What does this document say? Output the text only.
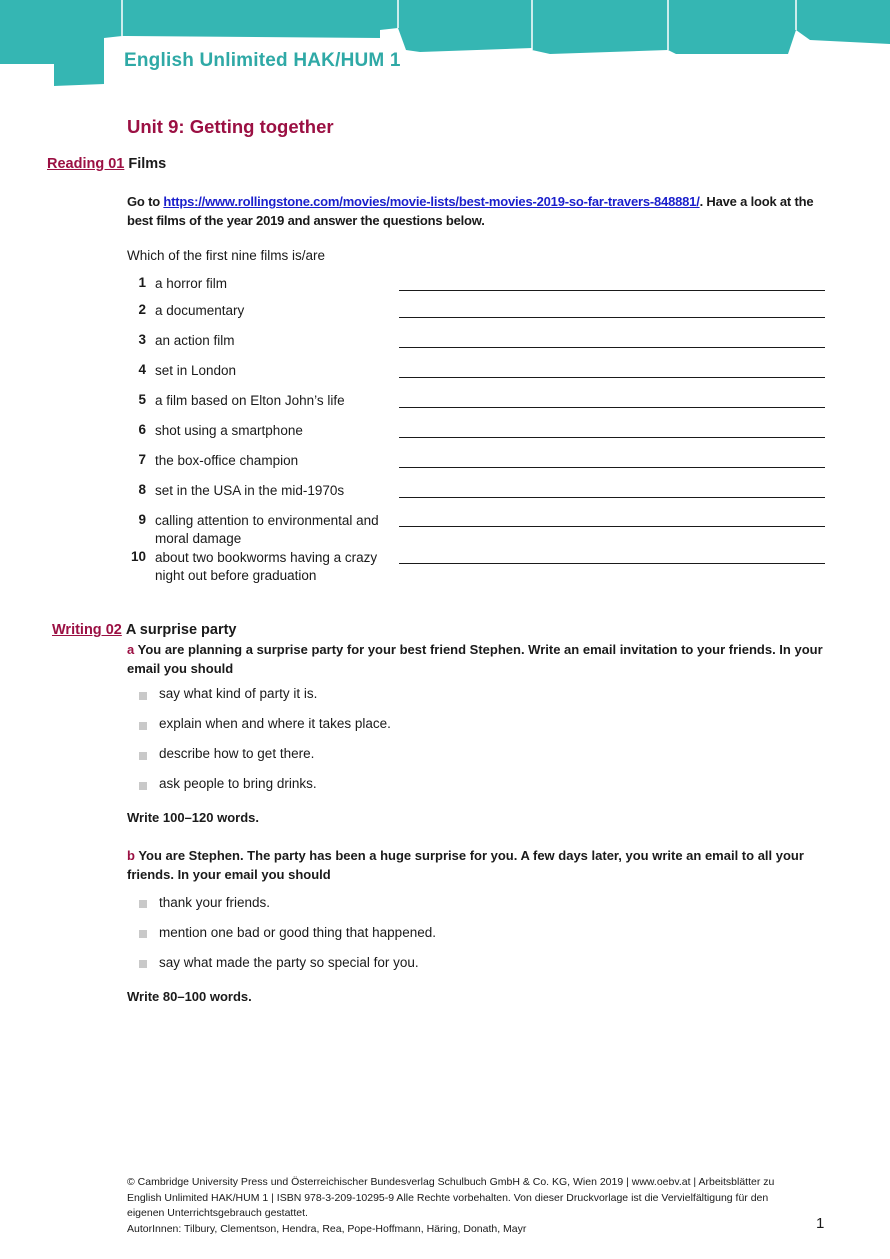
English Unlimited HAK/HUM 1
Unit 9: Getting together
Reading 01 Films
Go to https://www.rollingstone.com/movies/movie-lists/best-movies-2019-so-far-travers-848881/. Have a look at the best films of the year 2019 and answer the questions below.
Which of the first nine films is/are
1 a horror film
2 a documentary
3 an action film
4 set in London
5 a film based on Elton John’s life
6 shot using a smartphone
7 the box-office champion
8 set in the USA in the mid-1970s
9 calling attention to environmental and moral damage
10 about two bookworms having a crazy night out before graduation
Writing 02 A surprise party
a You are planning a surprise party for your best friend Stephen. Write an email invitation to your friends. In your email you should
say what kind of party it is.
explain when and where it takes place.
describe how to get there.
ask people to bring drinks.
Write 100–120 words.
b You are Stephen. The party has been a huge surprise for you. A few days later, you write an email to all your friends. In your email you should
thank your friends.
mention one bad or good thing that happened.
say what made the party so special for you.
Write 80–100 words.
© Cambridge University Press und Österreichischer Bundesverlag Schulbuch GmbH & Co. KG, Wien 2019 | www.oebv.at | Arbeitsblätter zu
English Unlimited HAK/HUM 1 | ISBN 978-3-209-10295-9 Alle Rechte vorbehalten. Von dieser Druckvorlage ist die Vervielfältigung für den
eigenen Unterrichtsgebrauch gestattet.
AutorInnen: Tilbury, Clementson, Hendra, Rea, Pope-Hoffmann, Häring, Donath, Mayr	1
